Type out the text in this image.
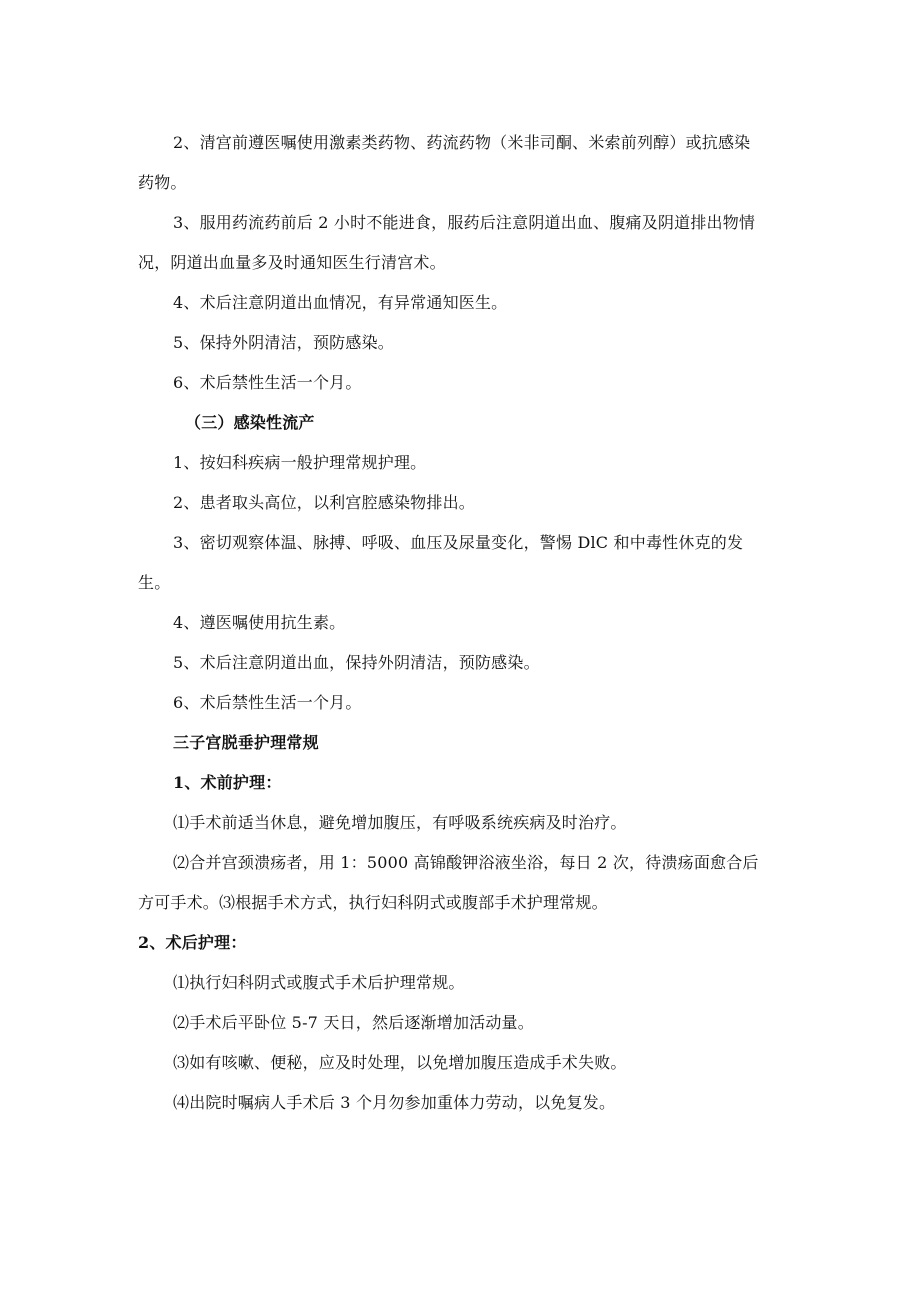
2、清宫前遵医嘱使用激素类药物、药流药物（米非司酮、米索前列醇）或抗感染
药物。
3、服用药流药前后 2 小时不能进食，服药后注意阴道出血、腹痛及阴道排出物情
况，阴道出血量多及时通知医生行清宫术。
4、术后注意阴道出血情况，有异常通知医生。
5、保持外阴清洁，预防感染。
6、术后禁性生活一个月。
（三）感染性流产
1、按妇科疾病一般护理常规护理。
2、患者取头高位，以利宫腔感染物排出。
3、密切观察体温、脉搏、呼吸、血压及尿量变化，警惕 DlC 和中毒性休克的发
生。
4、遵医嘱使用抗生素。
5、术后注意阴道出血，保持外阴清洁，预防感染。
6、术后禁性生活一个月。
三子宫脱垂护理常规
1、术前护理：
⑴手术前适当休息，避免增加腹压，有呼吸系统疾病及时治疗。
⑵合并宫颈溃疡者，用 1：5000 高锦酸钾浴液坐浴，每日 2 次，待溃疡面愈合后
方可手术。⑶根据手术方式，执行妇科阴式或腹部手术护理常规。
2、术后护理：
⑴执行妇科阴式或腹式手术后护理常规。
⑵手术后平卧位 5-7 天日，然后逐渐增加活动量。
⑶如有咳嗽、便秘，应及时处理，以免增加腹压造成手术失败。
⑷出院时嘱病人手术后 3 个月勿参加重体力劳动，以免复发。
